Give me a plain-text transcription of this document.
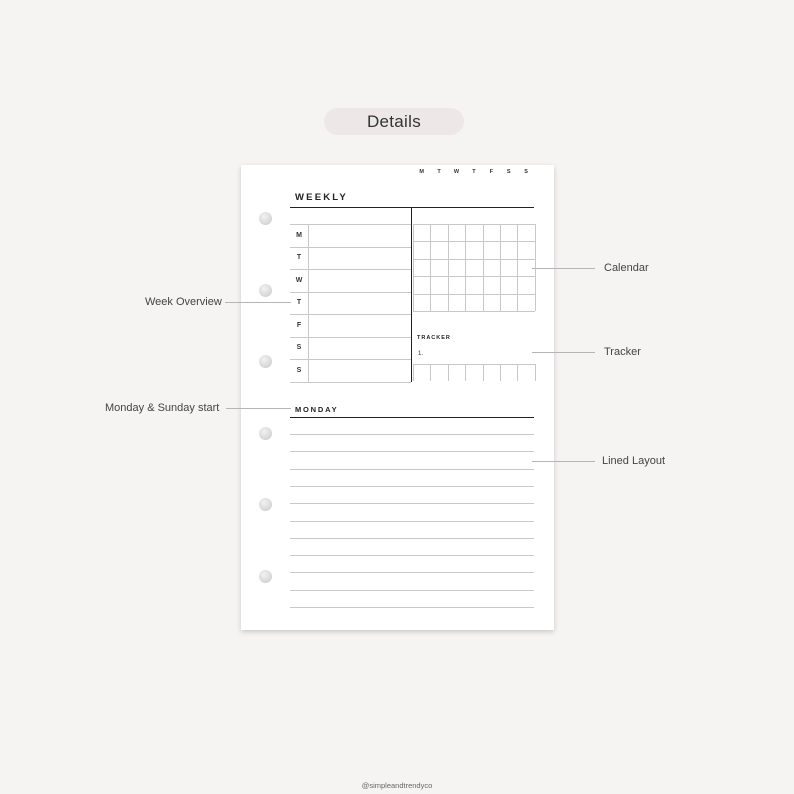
Details
WEEKLY
M
T
W
T
F
S
S
M	T	W	T	F	S	S
TRACKER
1.
MONDAY
Calendar
Tracker
Week Overview
Monday & Sunday start
Lined Layout
@simpleandtrendyco
